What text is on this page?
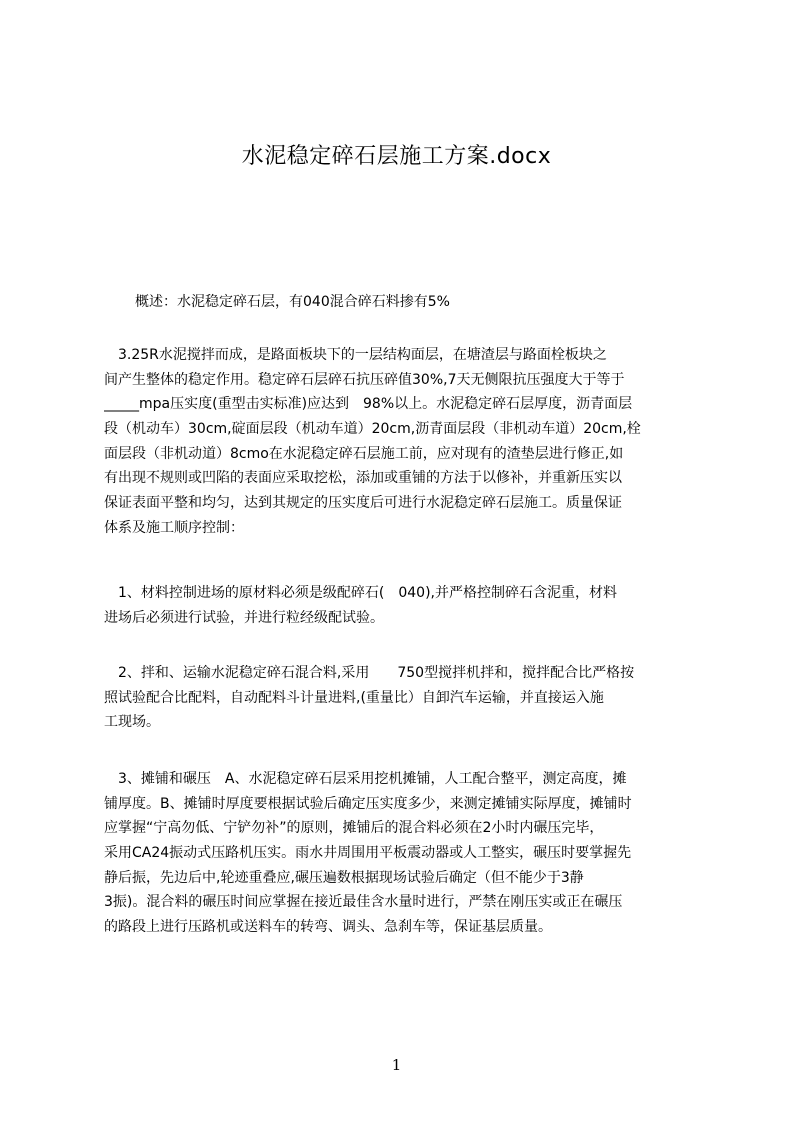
水泥稳定碎石层施工方案.docx
概述：水泥稳定碎石层，有040混合碎石料掺有5%
　3.25R水泥搅拌而成，是路面板块下的一层结构面层，在塘渣层与路面栓板块之
间产生整体的稳定作用。稳定碎石层碎石抗压碎值30%,7天无侧限抗压强度大于等于
_____mpa压实度(重型击实标准)应达到　98%以上。水泥稳定碎石层厚度，沥青面层
段（机动车）30cm,碇面层段（机动车道）20cm,沥青面层段（非机动车道）20cm,栓
面层段（非机动道）8cmo在水泥稳定碎石层施工前，应对现有的渣垫层进行修正,如
有出现不规则或凹陷的表面应采取挖松，添加或重铺的方法于以修补，并重新压实以
保证表面平整和均匀，达到其规定的压实度后可进行水泥稳定碎石层施工。质量保证
体系及施工顺序控制：
　1、材料控制进场的原材料必须是级配碎石(　040),并严格控制碎石含泥重，材料
进场后必须进行试验，并进行粒经级配试验。
　2、拌和、运输水泥稳定碎石混合料,采用　　750型搅拌机拌和，搅拌配合比严格按
照试验配合比配料，自动配料斗计量进料,(重量比）自卸汽车运输，并直接运入施
工现场。
　3、摊铺和碾压　A、水泥稳定碎石层采用挖机摊铺，人工配合整平，测定高度，摊
铺厚度。B、摊铺时厚度要根据试验后确定压实度多少，来测定摊铺实际厚度，摊铺时
应掌握“宁高勿低、宁铲勿补”的原则，摊铺后的混合料必须在2小时内碾压完毕，
采用CA24振动式压路机压实。雨水井周围用平板震动器或人工整实，碾压时要掌握先
静后振，先边后中,轮迹重叠应,碾压遍数根据现场试验后确定（但不能少于3静
3振)。混合料的碾压时间应掌握在接近最佳含水量时进行，严禁在刚压实或正在碾压
的路段上进行压路机或送料车的转弯、调头、急刹车等，保证基层质量。
1
